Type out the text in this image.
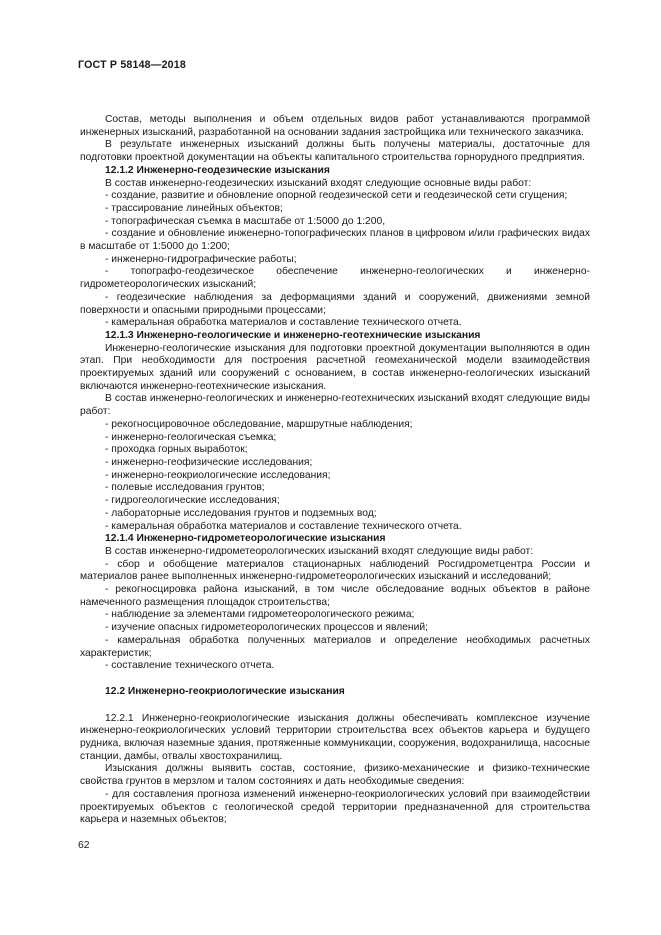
ГОСТ Р 58148—2018

Состав, методы выполнения и объем отдельных видов работ устанавливаются программой инженерных изысканий, разработанной на основании задания застройщика или технического заказчика.

В результате инженерных изысканий должны быть получены материалы, достаточные для подготовки проектной документации на объекты капитального строительства горнорудного предприятия.

12.1.2 Инженерно-геодезические изыскания

В состав инженерно-геодезических изысканий входят следующие основные виды работ:

- создание, развитие и обновление опорной геодезической сети и геодезической сети сгущения;

- трассирование линейных объектов;

- топографическая съемка в масштабе от 1:5000 до 1:200,

- создание и обновление инженерно-топографических планов в цифровом и/или графических видах в масштабе от 1:5000 до 1:200;

- инженерно-гидрографические работы;

- топографо-геодезическое обеспечение инженерно-геологических и инженерно-гидрометеорологических изысканий;

- геодезические наблюдения за деформациями зданий и сооружений, движениями земной поверхности и опасными природными процессами;

- камеральная обработка материалов и составление технического отчета.

12.1.3 Инженерно-геологические и инженерно-геотехнические изыскания

Инженерно-геологические изыскания для подготовки проектной документации выполняются в один этап. При необходимости для построения расчетной геомеханической модели взаимодействия проектируемых зданий или сооружений с основанием, в состав инженерно-геологических изысканий включаются инженерно-геотехнические изыскания.

В состав инженерно-геологических и инженерно-геотехнических изысканий входят следующие виды работ:

- рекогносцировочное обследование, маршрутные наблюдения;

- инженерно-геологическая съемка;

- проходка горных выработок;

- инженерно-геофизические исследования;

- инженерно-геокриологические исследования;

- полевые исследования грунтов;

- гидрогеологические исследования;

- лабораторные исследования грунтов и подземных вод;

- камеральная обработка материалов и составление технического отчета.

12.1.4 Инженерно-гидрометеорологические изыскания

В состав инженерно-гидрометеорологических изысканий входят следующие виды работ:

- сбор и обобщение материалов стационарных наблюдений Росгидрометцентра России и материалов ранее выполненных инженерно-гидрометеорологических изысканий и исследований;

- рекогносцировка района изысканий, в том числе обследование водных объектов в районе намеченного размещения площадок строительства;

- наблюдение за элементами гидрометеорологического режима;

- изучение опасных гидрометеорологических процессов и явлений;

- камеральная обработка полученных материалов и определение необходимых расчетных характеристик;

- составление технического отчета.

12.2 Инженерно-геокриологические изыскания

12.2.1 Инженерно-геокриологические изыскания должны обеспечивать комплексное изучение инженерно-геокриологических условий территории строительства всех объектов карьера и будущего рудника, включая наземные здания, протяженные коммуникации, сооружения, водохранилища, насосные станции, дамбы, отвалы хвостохранилищ.

Изыскания должны выявить состав, состояние, физико-механические и физико-технические свойства грунтов в мерзлом и талом состояниях и дать необходимые сведения:

- для составления прогноза изменений инженерно-геокриологических условий при взаимодействии проектируемых объектов с геологической средой территории предназначенной для строительства карьера и наземных объектов;

62
